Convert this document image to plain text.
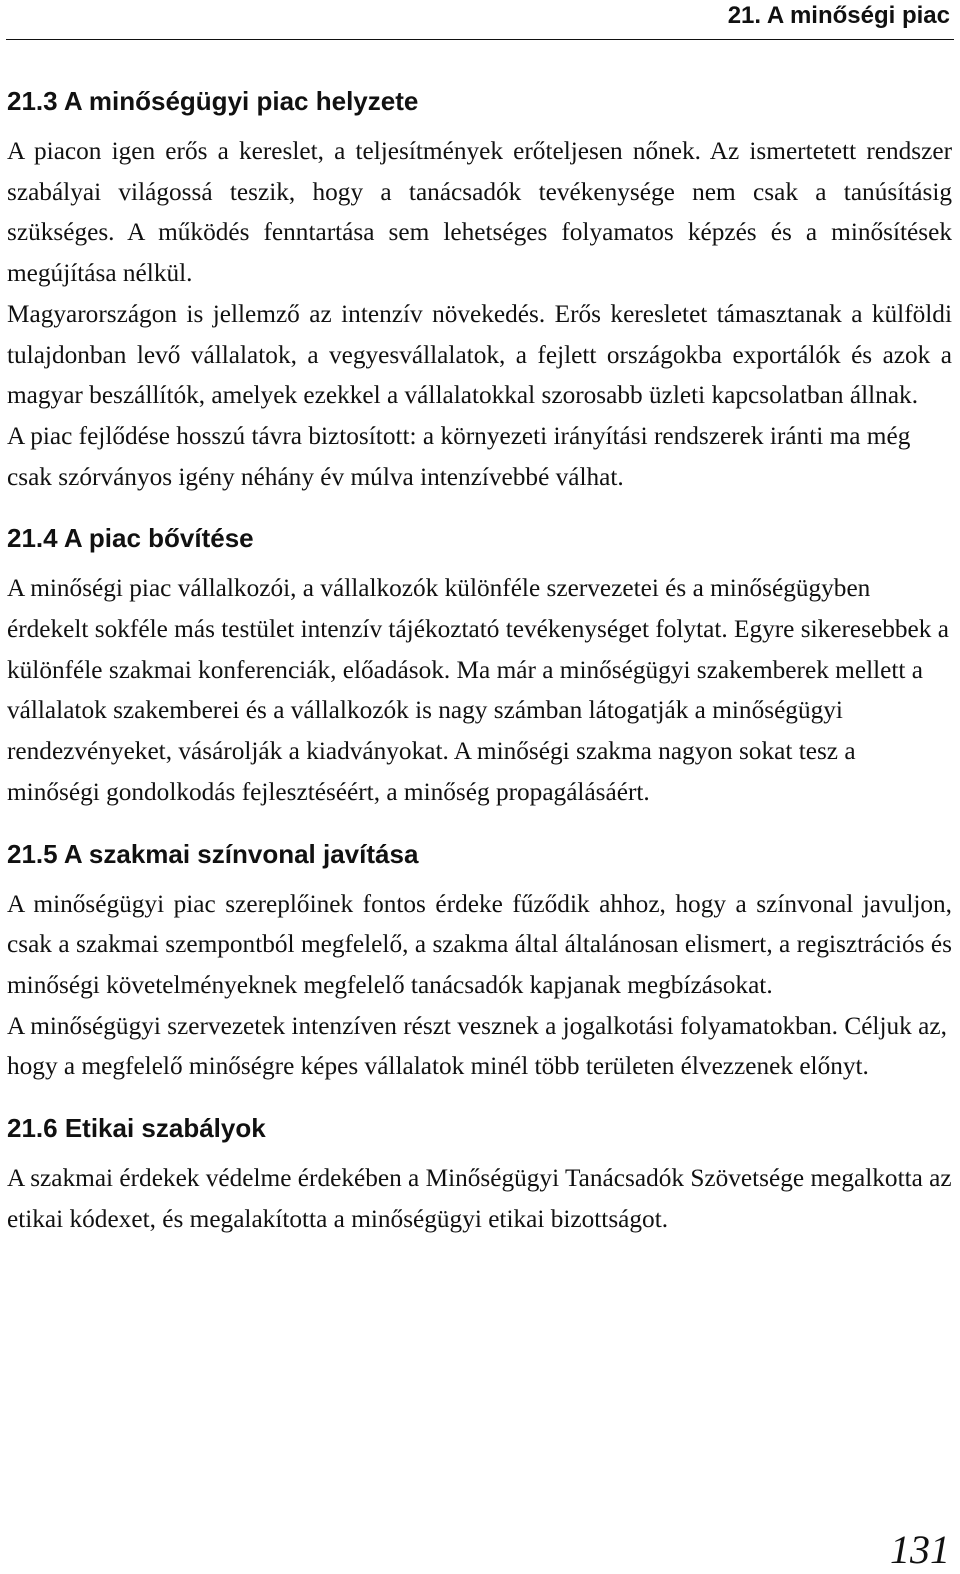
21. A minőségi piac
21.3 A minőségügyi piac helyzete

A piacon igen erős a kereslet, a teljesítmények erőteljesen nőnek. Az ismertetett rendszer szabályai világossá teszik, hogy a tanácsadók tevékenysége nem csak a tanúsításig szükséges. A működés fenntartása sem lehetséges folyamatos képzés és a minősítések megújítása nélkül.

Magyarországon is jellemző az intenzív növekedés. Erős keresletet támasztanak a külföldi tulajdonban levő vállalatok, a vegyesvállalatok, a fejlett országokba exportálók és azok a magyar beszállítók, amelyek ezekkel a vállalatokkal szorosabb üzleti kapcsolatban állnak.

A piac fejlődése hosszú távra biztosított: a környezeti irányítási rendszerek iránti ma még csak szórványos igény néhány év múlva intenzívebbé válhat.

21.4 A piac bővítése

A minőségi piac vállalkozói, a vállalkozók különféle szervezetei és a minőségügyben érdekelt sokféle más testület intenzív tájékoztató tevékenységet folytat. Egyre sikeresebbek a különféle szakmai konferenciák, előadások. Ma már a minőségügyi szakemberek mellett a vállalatok szakemberei és a vállalkozók is nagy számban látogatják a minőségügyi rendezvényeket, vásárolják a kiadványokat. A minőségi szakma nagyon sokat tesz a minőségi gondolkodás fejlesztéséért, a minőség propagálásáért.

21.5 A szakmai színvonal javítása

A minőségügyi piac szereplőinek fontos érdeke fűződik ahhoz, hogy a színvonal javuljon, csak a szakmai szempontból megfelelő, a szakma által általánosan elismert, a regisztrációs és minőségi követelményeknek megfelelő tanácsadók kapjanak megbízásokat.

A minőségügyi szervezetek intenzíven részt vesznek a jogalkotási folyamatokban. Céljuk az, hogy a megfelelő minőségre képes vállalatok minél több területen élvezzenek előnyt.

21.6 Etikai szabályok

A szakmai érdekek védelme érdekében a Minőségügyi Tanácsadók Szövetsége megalkotta az etikai kódexet, és megalakította a minőségügyi etikai bizottságot.

131
